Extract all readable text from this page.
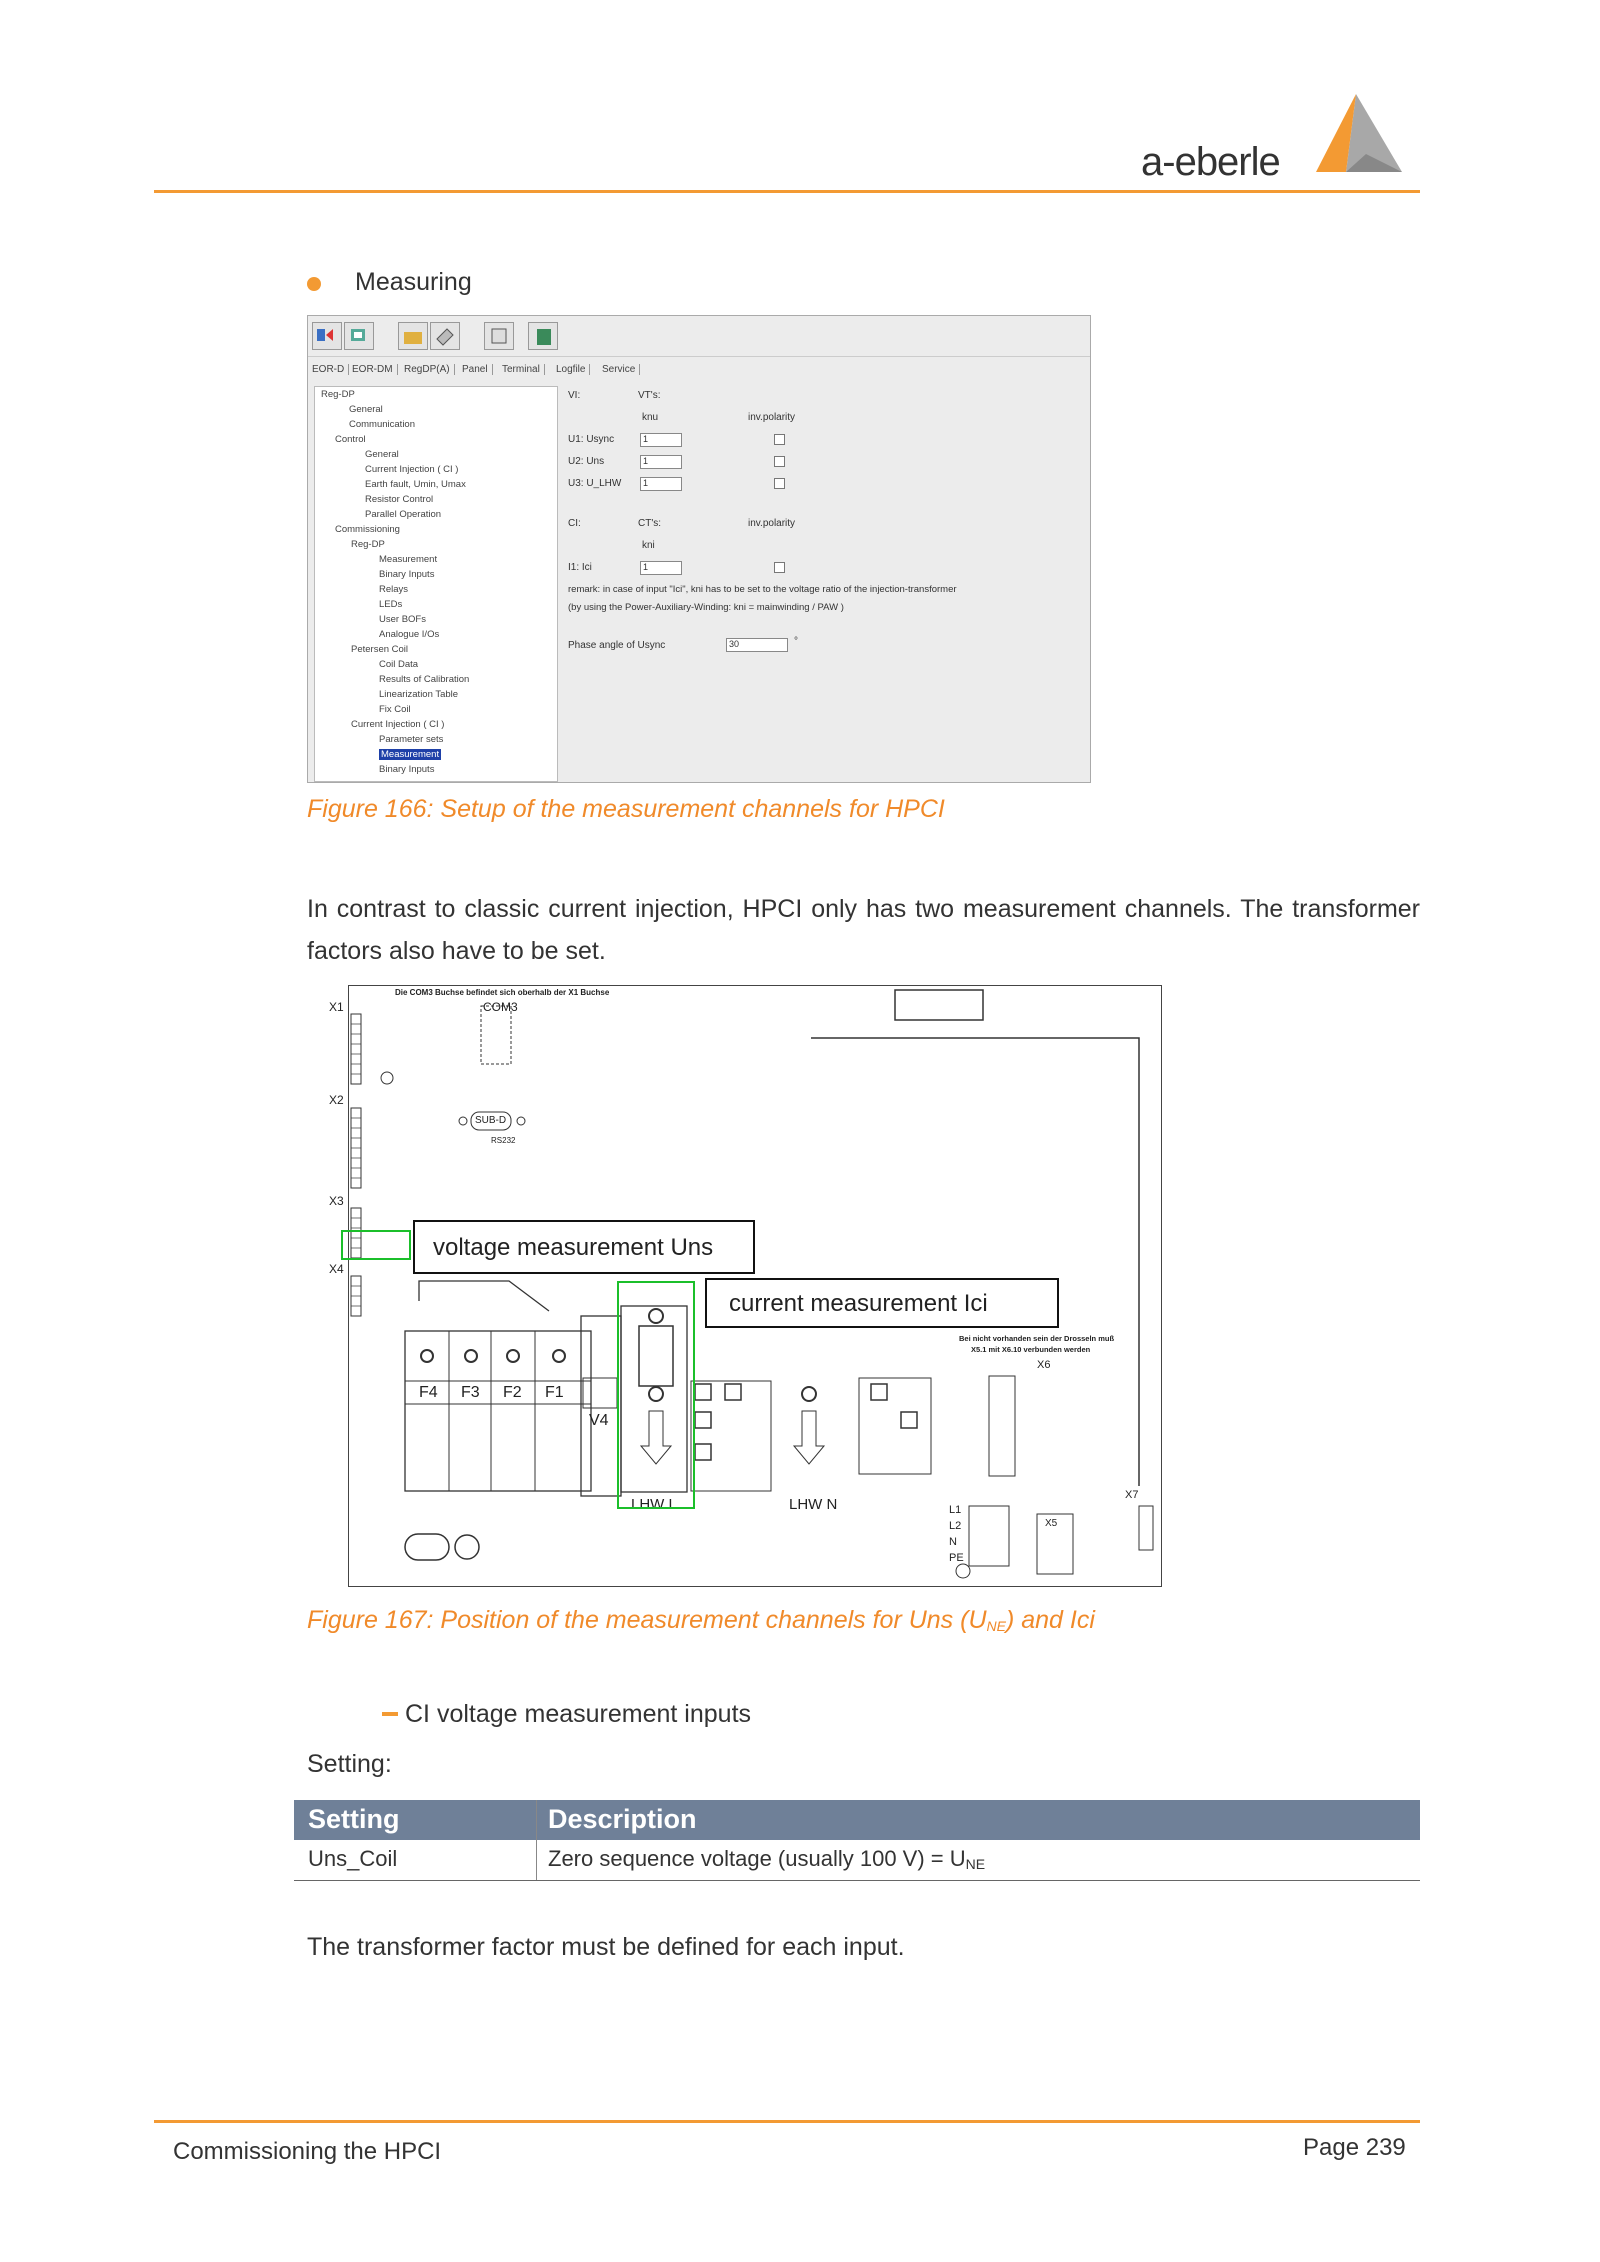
a-eberle
Measuring
EOR-D EOR-DM	RegDP(A)	Panel	Terminal	Logfile	Service
Reg-DP
General
Communication
Control
General
Current Injection ( CI )
Earth fault, Umin, Umax
Resistor Control
Parallel Operation
Commissioning
Reg-DP
Measurement
Binary Inputs
Relays
LEDs
User BOFs
Analogue I/Os
Petersen Coil
Coil Data
Results of Calibration
Linearization Table
Fix Coil
Current Injection ( CI )
Parameter sets
Measurement
Binary Inputs
VI:	VT's:
knu	inv.polarity
U1: Usync	1
U2: Uns	1
U3: U_LHW	1
CI:	CT's:	inv.polarity
kni
I1: Ici	1
remark: in case of input "Ici", kni has to be set to the voltage ratio of the injection-transformer
(by using the Power-Auxiliary-Winding: kni = mainwinding / PAW )
Phase angle of Usync	30	°
Figure 166: Setup of the measurement channels for HPCI
In contrast to classic current injection, HPCI only has two measurement channels. The transformer factors also have to be set.
Die COM3 Buchse befindet sich oberhalb der X1 Buchse
COM3
SUB-D
RS232
X1
X2
X3
X4
X6
X5
X7
F4 F3 F2 F1
V4
LHW L	LHW N	L1
L2
N
PE
Bei nicht vorhanden sein der Drosseln muß
X5.1 mit X6.10 verbunden werden
voltage measurement Uns
current measurement Ici
Figure 167: Position of the measurement channels for Uns $(U_{NE})$ and Ici
CI voltage measurement inputs
Setting:
Setting	Description
Uns_Coil	Zero sequence voltage (usually 100 $V) = U_{NE}$
The transformer factor must be defined for each input.
Commissioning the HPCI	Page 239
